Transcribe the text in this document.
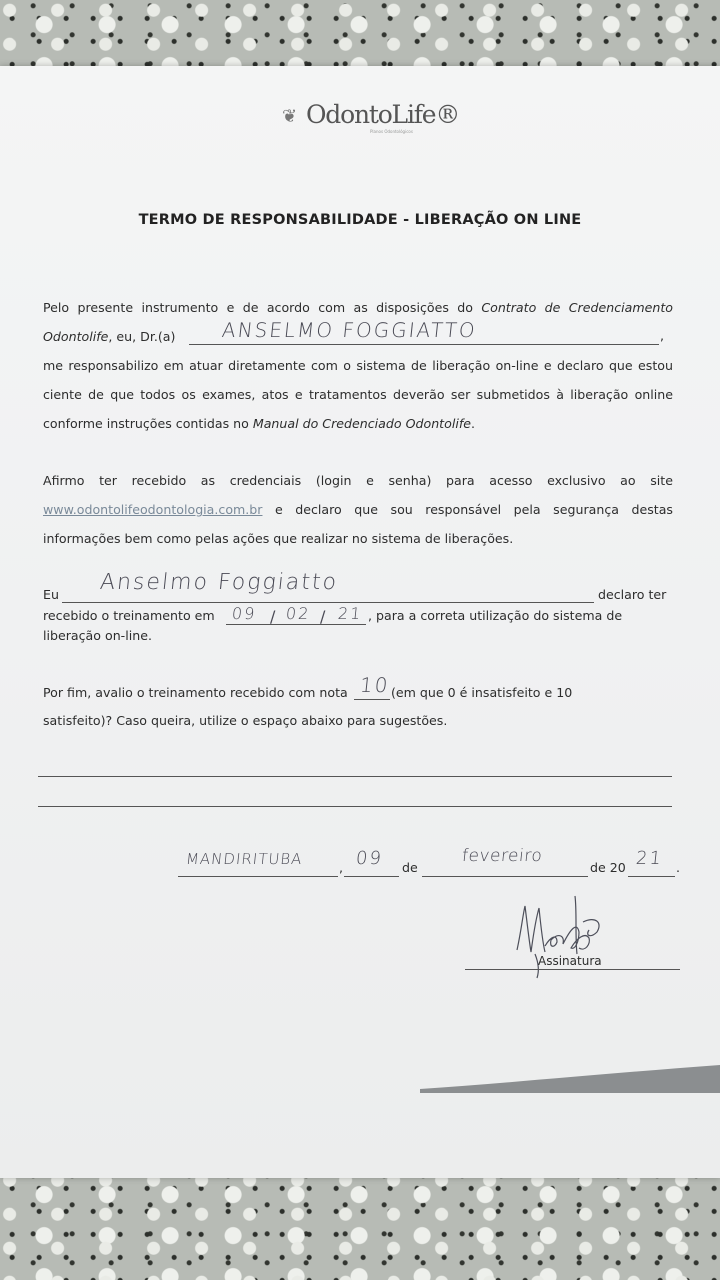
❦ OdontoLife®
Planos Odontológicos
TERMO DE RESPONSABILIDADE - LIBERAÇÃO ON LINE
Pelo presente instrumento e de acordo com as disposições do Contrato de Credenciamento
Odontolife, eu, Dr.(a)	ANSELMO FOGGIATTO	,
me responsabilizo em atuar diretamente com o sistema de liberação on-line e declaro que estou
ciente de que todos os exames, atos e tratamentos deverão ser submetidos à liberação online
conforme instruções contidas no Manual do Credenciado Odontolife.
Afirmo ter recebido as credenciais (login e senha) para acesso exclusivo ao site
www.odontolifeodontologia.com.br e declaro que sou responsável pela segurança destas
informações bem como pelas ações que realizar no sistema de liberações.
Eu Anselmo Foggiatto	declaro ter
recebido o treinamento em 09 / 02 / 21 , para a correta utilização do sistema de
liberação on-line.
Por fim, avalio o treinamento recebido com nota 10 (em que 0 é insatisfeito e 10
satisfeito)? Caso queira, utilize o espaço abaixo para sugestões.
MANDIRITUBA	, 09 de
fevereiro
de 20 21 .
Assinatura
